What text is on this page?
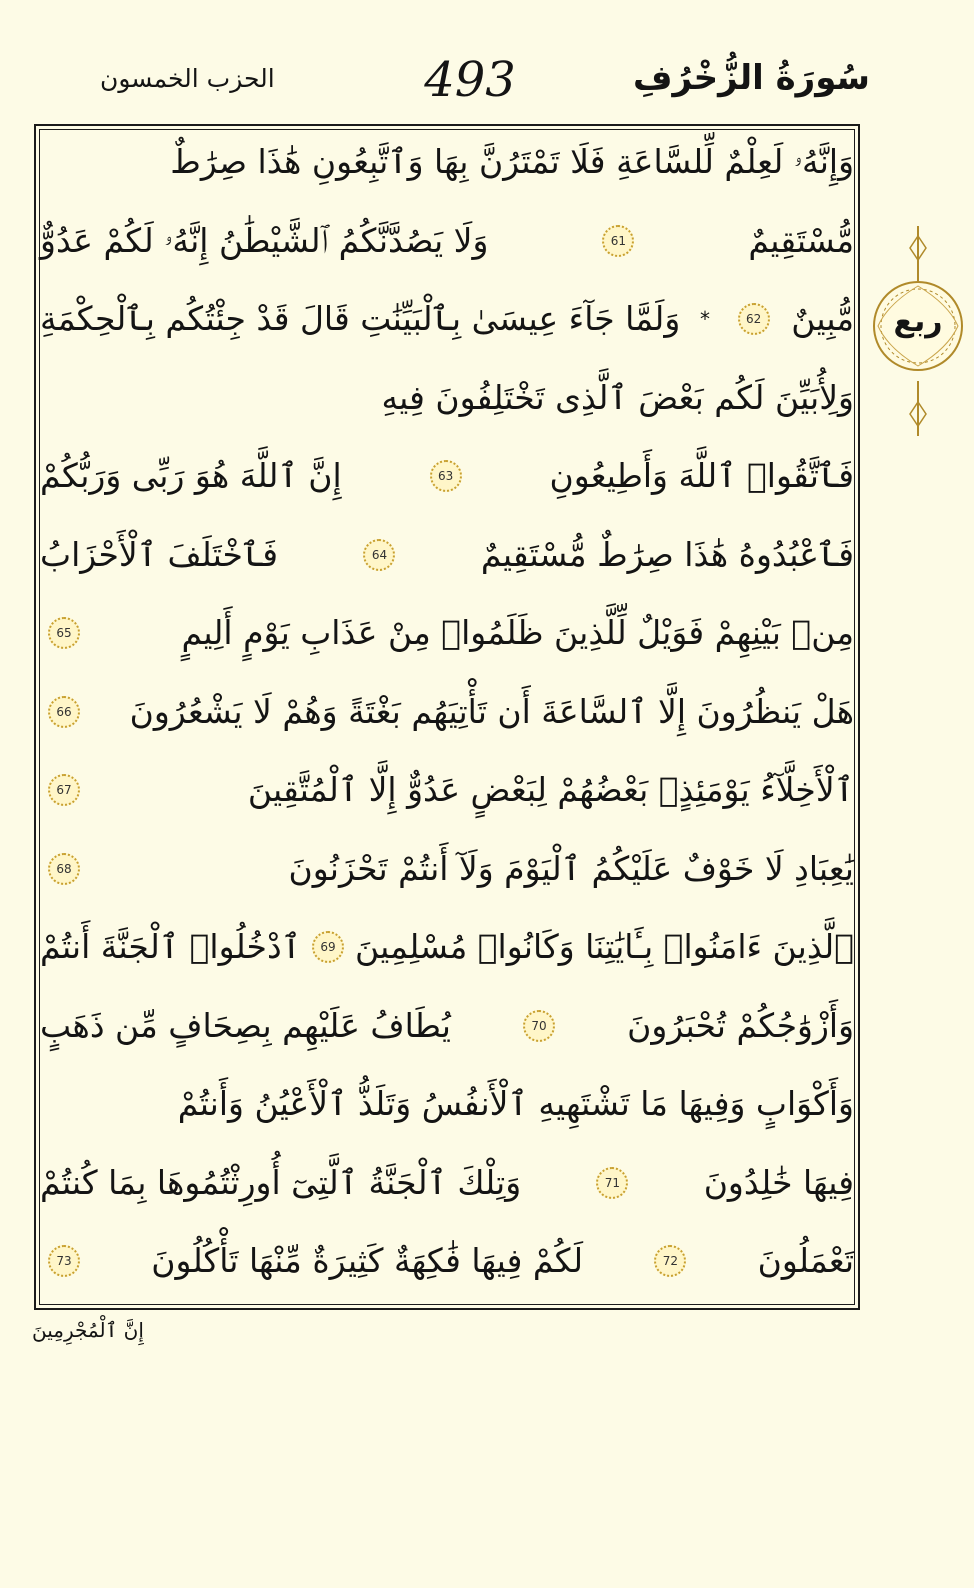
سُورَةُ الزُّخْرُفِ
493
الحزب الخمسون
وَإِنَّهُۥ لَعِلْمٌ لِّلسَّاعَةِ فَلَا تَمْتَرُنَّ بِهَا وَٱتَّبِعُونِ هَٰذَا صِرَٰطٌ
مُّسْتَقِيمٌ
61
وَلَا يَصُدَّنَّكُمُ ٱلشَّيْطَٰنُ إِنَّهُۥ لَكُمْ عَدُوٌّ
مُّبِينٌ
62
*
وَلَمَّا جَآءَ عِيسَىٰ بِٱلْبَيِّنَٰتِ قَالَ قَدْ جِئْتُكُم بِٱلْحِكْمَةِ
وَلِأُبَيِّنَ لَكُم بَعْضَ ٱلَّذِى تَخْتَلِفُونَ فِيهِ
فَٱتَّقُوا۟ ٱللَّهَ وَأَطِيعُونِ
63
إِنَّ ٱللَّهَ هُوَ رَبِّى وَرَبُّكُمْ
فَٱعْبُدُوهُ هَٰذَا صِرَٰطٌ مُّسْتَقِيمٌ
64
فَٱخْتَلَفَ ٱلْأَحْزَابُ
مِنۢ بَيْنِهِمْ فَوَيْلٌ لِّلَّذِينَ ظَلَمُوا۟ مِنْ عَذَابِ يَوْمٍ أَلِيمٍ
65
هَلْ يَنظُرُونَ إِلَّا ٱلسَّاعَةَ أَن تَأْتِيَهُم بَغْتَةً وَهُمْ لَا يَشْعُرُونَ
66
ٱلْأَخِلَّآءُ يَوْمَئِذٍۭ بَعْضُهُمْ لِبَعْضٍ عَدُوٌّ إِلَّا ٱلْمُتَّقِينَ
67
يَٰعِبَادِ لَا خَوْفٌ عَلَيْكُمُ ٱلْيَوْمَ وَلَآ أَنتُمْ تَحْزَنُونَ
68
ٱلَّذِينَ ءَامَنُوا۟ بِـَٔايَٰتِنَا وَكَانُوا۟ مُسْلِمِينَ
69
ٱدْخُلُوا۟ ٱلْجَنَّةَ أَنتُمْ
وَأَزْوَٰجُكُمْ تُحْبَرُونَ
70
يُطَافُ عَلَيْهِم بِصِحَافٍ مِّن ذَهَبٍ
وَأَكْوَابٍ وَفِيهَا مَا تَشْتَهِيهِ ٱلْأَنفُسُ وَتَلَذُّ ٱلْأَعْيُنُ وَأَنتُمْ
فِيهَا خَٰلِدُونَ
71
وَتِلْكَ ٱلْجَنَّةُ ٱلَّتِىٓ أُورِثْتُمُوهَا بِمَا كُنتُمْ
تَعْمَلُونَ
72
لَكُمْ فِيهَا فَٰكِهَةٌ كَثِيرَةٌ مِّنْهَا تَأْكُلُونَ
73
ربع
إِنَّ ٱلْمُجْرِمِينَ
